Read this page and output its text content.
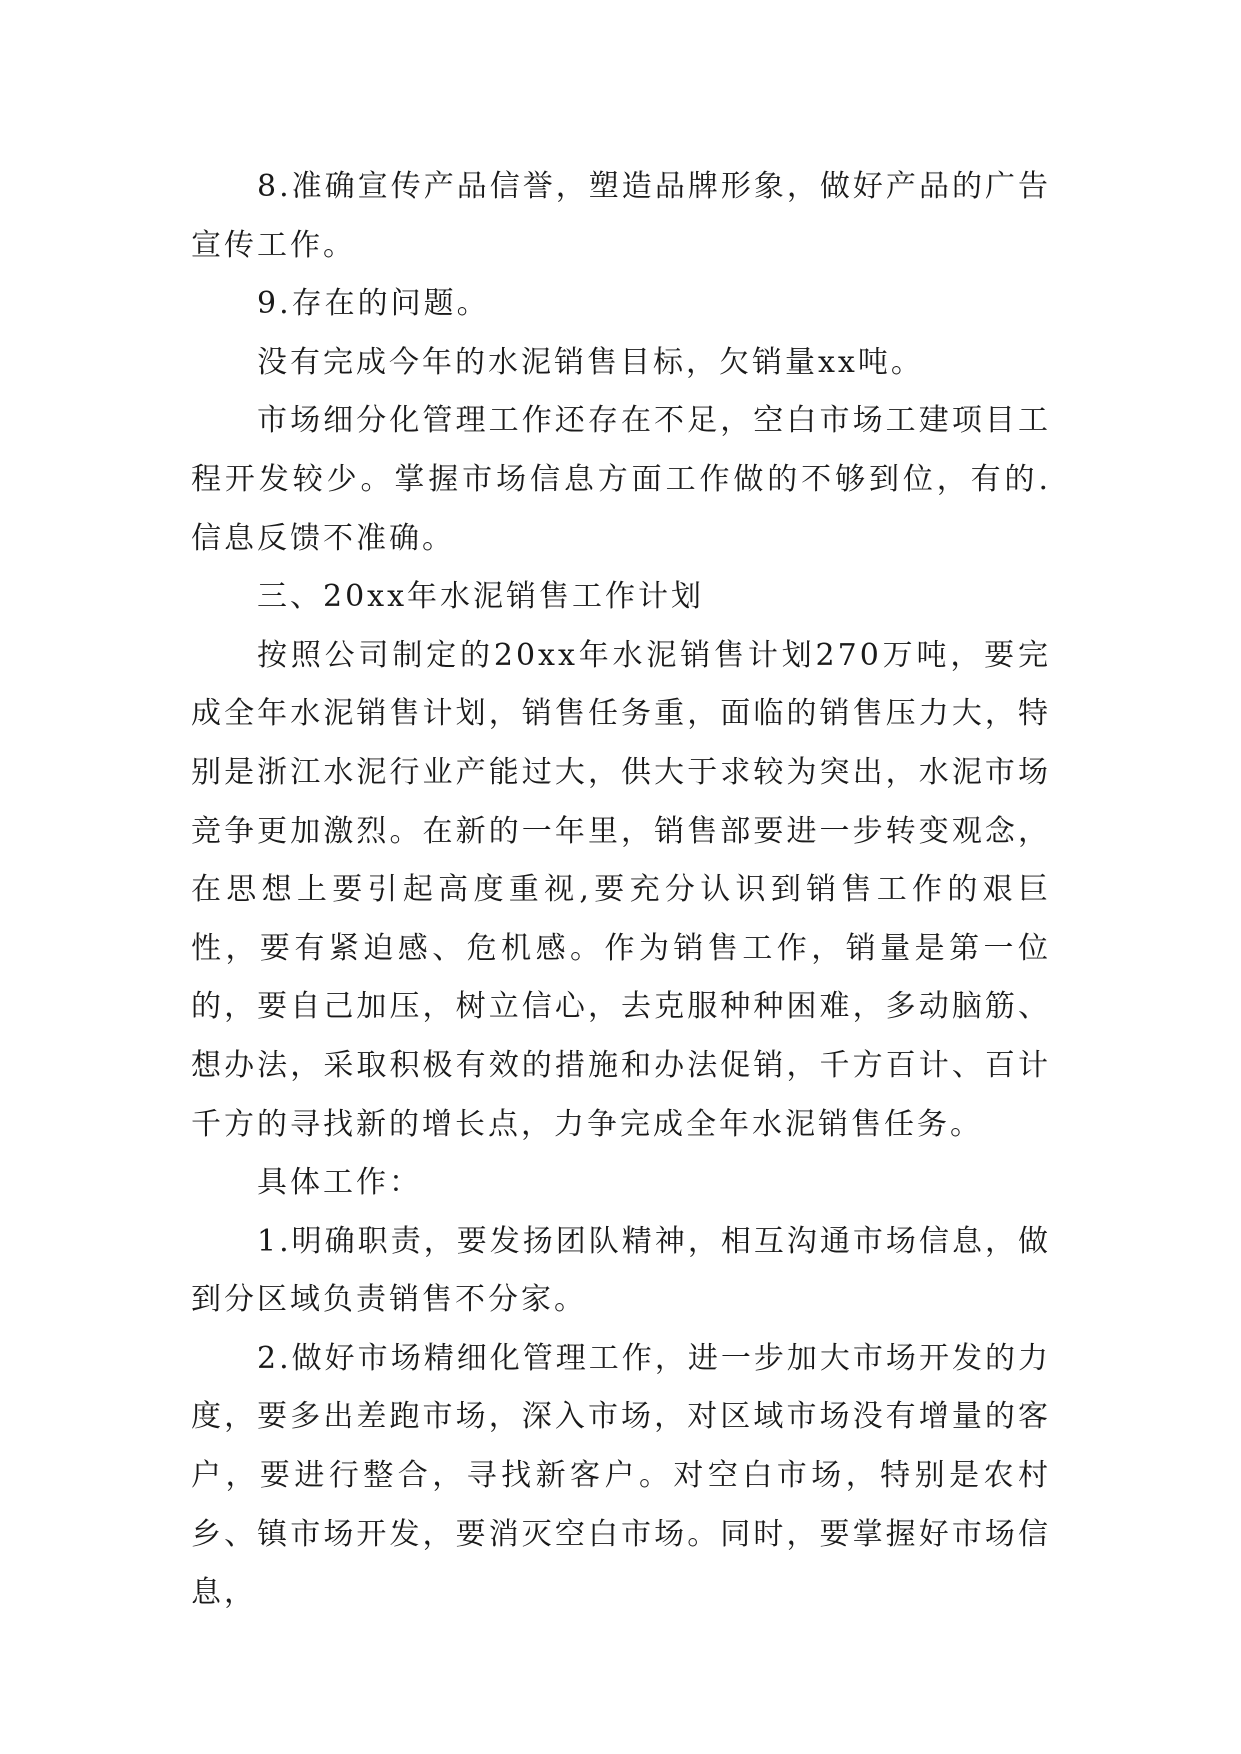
8.准确宣传产品信誉，塑造品牌形象，做好产品的广告宣传工作。

9.存在的问题。

没有完成今年的水泥销售目标，欠销量xx吨。

市场细分化管理工作还存在不足，空白市场工建项目工程开发较少。掌握市场信息方面工作做的不够到位，有的.信息反馈不准确。

三、20xx年水泥销售工作计划

按照公司制定的20xx年水泥销售计划270万吨，要完成全年水泥销售计划，销售任务重，面临的销售压力大，特别是浙江水泥行业产能过大，供大于求较为突出，水泥市场竞争更加激烈。在新的一年里，销售部要进一步转变观念，在思想上要引起高度重视,要充分认识到销售工作的艰巨性，要有紧迫感、危机感。作为销售工作，销量是第一位的，要自己加压，树立信心，去克服种种困难，多动脑筋、想办法，采取积极有效的措施和办法促销，千方百计、百计千方的寻找新的增长点，力争完成全年水泥销售任务。

具体工作：

1.明确职责，要发扬团队精神，相互沟通市场信息，做到分区域负责销售不分家。

2.做好市场精细化管理工作，进一步加大市场开发的力度，要多出差跑市场，深入市场，对区域市场没有增量的客户，要进行整合，寻找新客户。对空白市场，特别是农村乡、镇市场开发，要消灭空白市场。同时，要掌握好市场信息，
